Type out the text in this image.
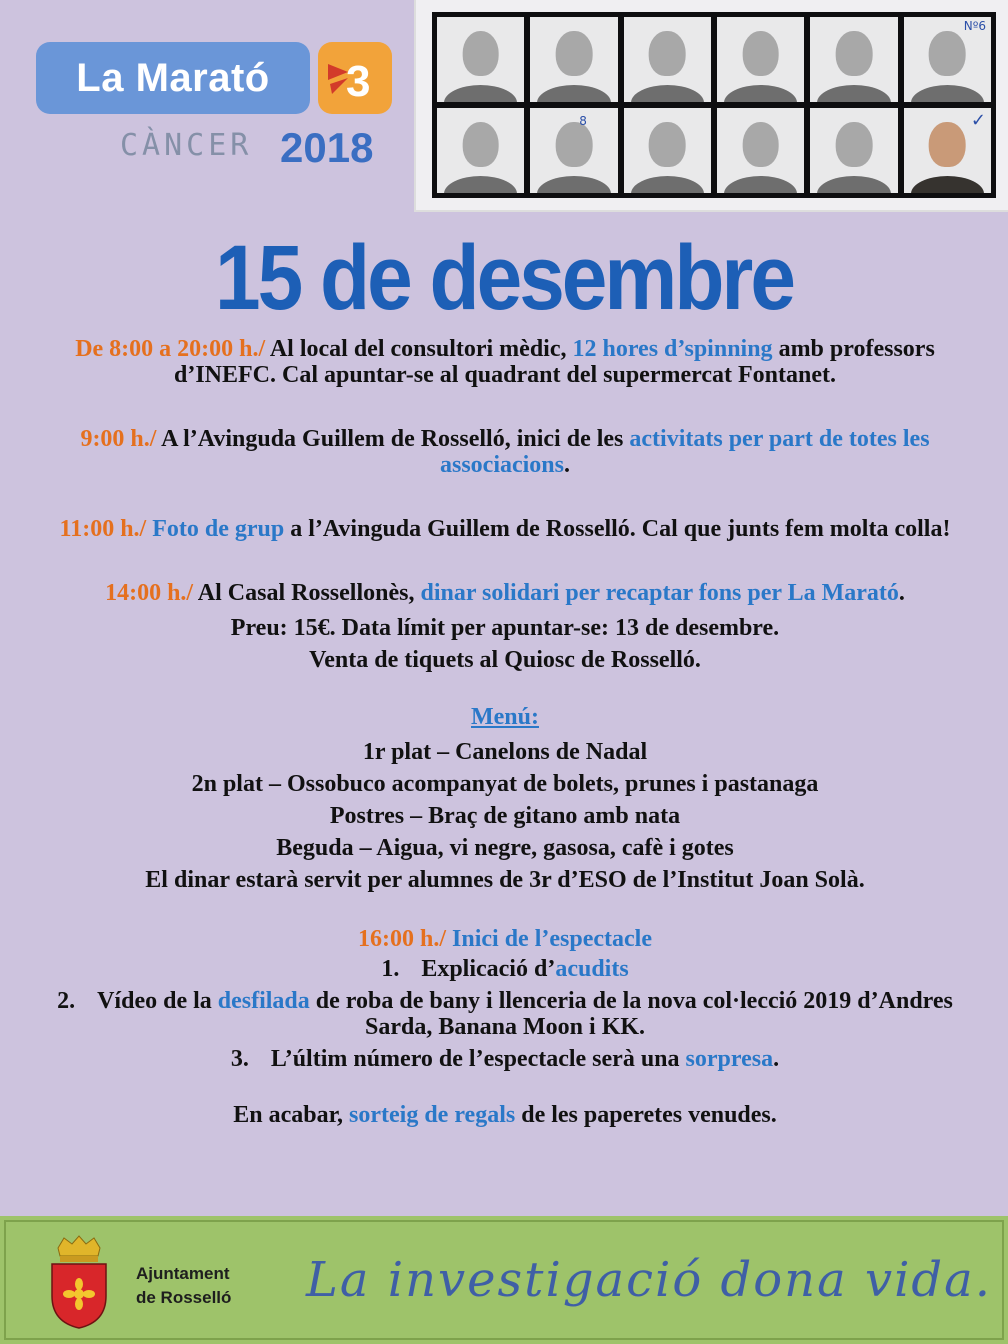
La Marató 3
CÀNCER 2018
Nº6
8	✓
15 de desembre
De 8:00 a 20:00 h./ Al local del consultori mèdic, 12 hores d’spinning amb professors d’INEFC. Cal apuntar-se al quadrant del supermercat Fontanet.
9:00 h./ A l’Avinguda Guillem de Rosselló, inici de les activitats per part de totes les associacions.
11:00 h./ Foto de grup a l’Avinguda Guillem de Rosselló. Cal que junts fem molta colla!
14:00 h./ Al Casal Rossellonès, dinar solidari per recaptar fons per La Marató.
Preu: 15€. Data límit per apuntar-se: 13 de desembre.
Venta de tiquets al Quiosc de Rosselló.
Menú:
1r plat – Canelons de Nadal
2n plat – Ossobuco acompanyat de bolets, prunes i pastanaga
Postres – Braç de gitano amb nata
Beguda – Aigua, vi negre, gasosa, cafè i gotes
El dinar estarà servit per alumnes de 3r d’ESO de l’Institut Joan Solà.
16:00 h./ Inici de l’espectacle
1. Explicació d’acudits
2. Vídeo de la desfilada de roba de bany i llenceria de la nova col·lecció 2019 d’Andres Sarda, Banana Moon i KK.
3. L’últim número de l’espectacle serà una sorpresa.
En acabar, sorteig de regals de les paperetes venudes.
Ajuntament
de Rosselló La investigació dona vida.
